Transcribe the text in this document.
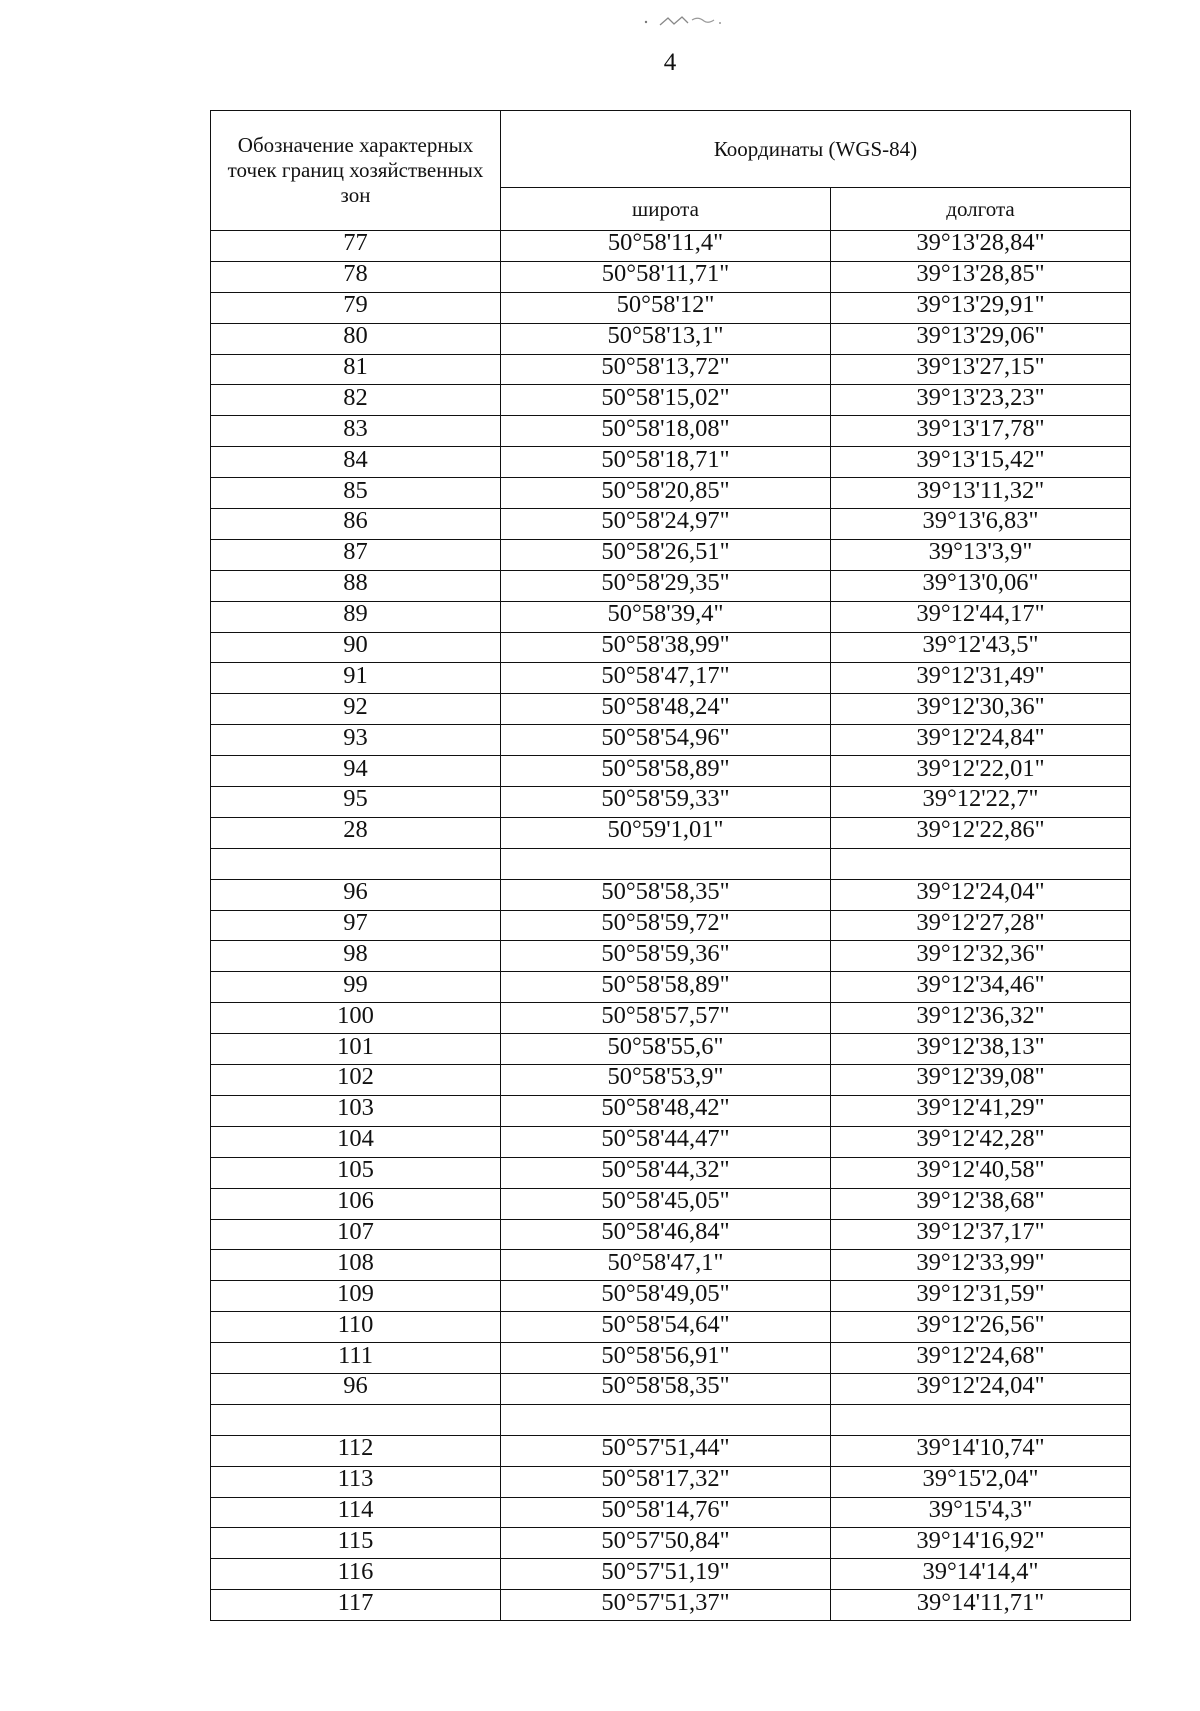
4
Обозначение характерных точек границ хозяйственных зон	Координаты (WGS-84)	
	широта	долгота
77	50°58'11,4"	39°13'28,84"
78	50°58'11,71"	39°13'28,85"
79	50°58'12"	39°13'29,91"
80	50°58'13,1"	39°13'29,06"
81	50°58'13,72"	39°13'27,15"
82	50°58'15,02"	39°13'23,23"
83	50°58'18,08"	39°13'17,78"
84	50°58'18,71"	39°13'15,42"
85	50°58'20,85"	39°13'11,32"
86	50°58'24,97"	39°13'6,83"
87	50°58'26,51"	39°13'3,9"
88	50°58'29,35"	39°13'0,06"
89	50°58'39,4"	39°12'44,17"
90	50°58'38,99"	39°12'43,5"
91	50°58'47,17"	39°12'31,49"
92	50°58'48,24"	39°12'30,36"
93	50°58'54,96"	39°12'24,84"
94	50°58'58,89"	39°12'22,01"
95	50°58'59,33"	39°12'22,7"
28	50°59'1,01"	39°12'22,86"

96	50°58'58,35"	39°12'24,04"
97	50°58'59,72"	39°12'27,28"
98	50°58'59,36"	39°12'32,36"
99	50°58'58,89"	39°12'34,46"
100	50°58'57,57"	39°12'36,32"
101	50°58'55,6"	39°12'38,13"
102	50°58'53,9"	39°12'39,08"
103	50°58'48,42"	39°12'41,29"
104	50°58'44,47"	39°12'42,28"
105	50°58'44,32"	39°12'40,58"
106	50°58'45,05"	39°12'38,68"
107	50°58'46,84"	39°12'37,17"
108	50°58'47,1"	39°12'33,99"
109	50°58'49,05"	39°12'31,59"
110	50°58'54,64"	39°12'26,56"
111	50°58'56,91"	39°12'24,68"
96	50°58'58,35"	39°12'24,04"

112	50°57'51,44"	39°14'10,74"
113	50°58'17,32"	39°15'2,04"
114	50°58'14,76"	39°15'4,3"
115	50°57'50,84"	39°14'16,92"
116	50°57'51,19"	39°14'14,4"
117	50°57'51,37"	39°14'11,71"
